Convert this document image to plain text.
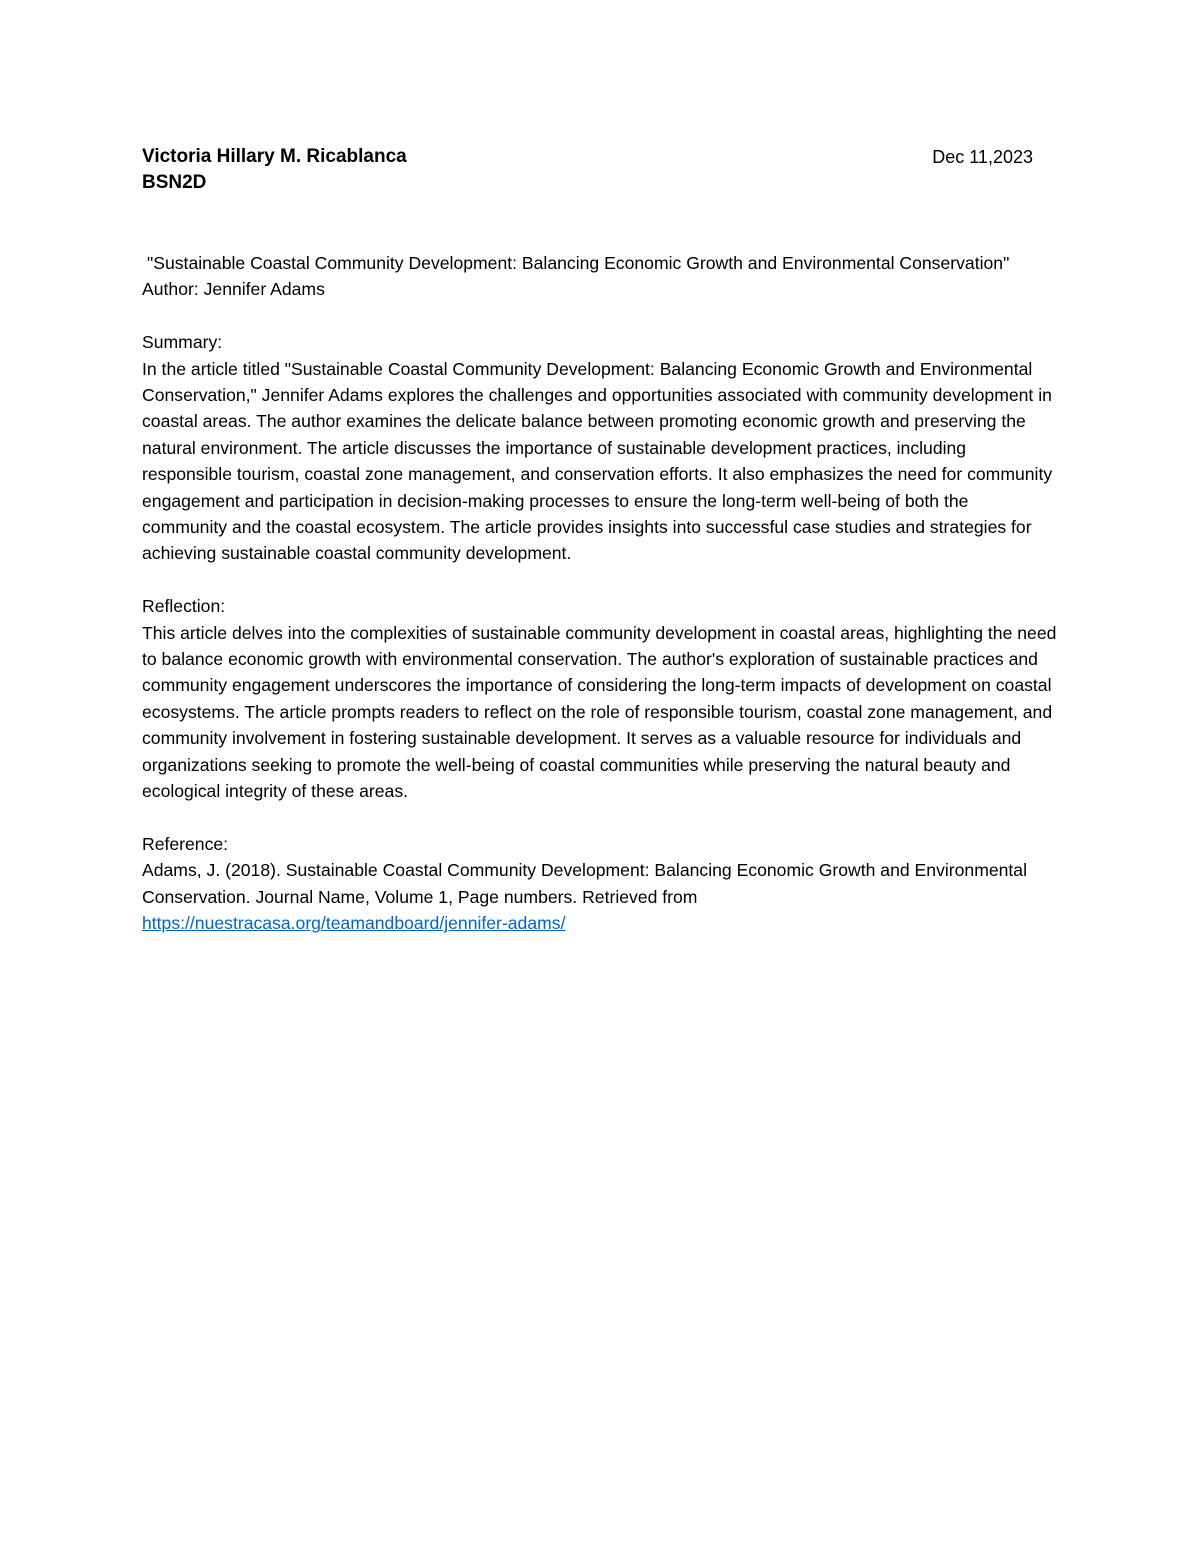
Victoria Hillary M. Ricablanca
BSN2D
Dec 11,2023

"Sustainable Coastal Community Development: Balancing Economic Growth and Environmental Conservation"

Author: Jennifer Adams

Summary:

In the article titled "Sustainable Coastal Community Development: Balancing Economic Growth and Environmental Conservation," Jennifer Adams explores the challenges and opportunities associated with community development in coastal areas. The author examines the delicate balance between promoting economic growth and preserving the natural environment. The article discusses the importance of sustainable development practices, including responsible tourism, coastal zone management, and conservation efforts. It also emphasizes the need for community engagement and participation in decision-making processes to ensure the long-term well-being of both the community and the coastal ecosystem. The article provides insights into successful case studies and strategies for achieving sustainable coastal community development.

Reflection:

This article delves into the complexities of sustainable community development in coastal areas, highlighting the need to balance economic growth with environmental conservation. The author's exploration of sustainable practices and community engagement underscores the importance of considering the long-term impacts of development on coastal ecosystems. The article prompts readers to reflect on the role of responsible tourism, coastal zone management, and community involvement in fostering sustainable development. It serves as a valuable resource for individuals and organizations seeking to promote the well-being of coastal communities while preserving the natural beauty and ecological integrity of these areas.

Reference:

Adams, J. (2018). Sustainable Coastal Community Development: Balancing Economic Growth and Environmental Conservation. Journal Name, Volume 1, Page numbers. Retrieved from

https://nuestracasa.org/teamandboard/jennifer-adams/
